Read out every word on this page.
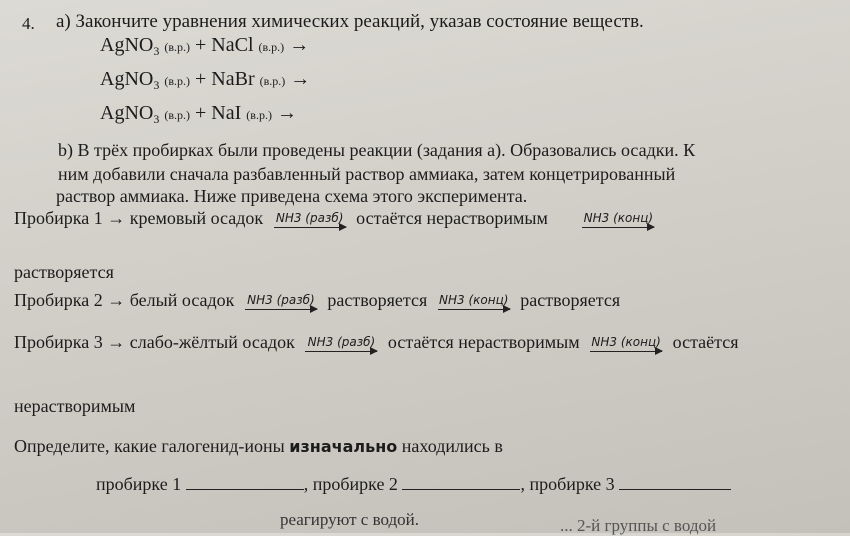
4. a) Закончите уравнения химических реакций, указав состояние веществ.
AgNO$_3$ (в.р.) + NaCl (в.р.) →
AgNO$_3$ (в.р.) + NaBr (в.р.) →
AgNO$_3$ (в.р.) + NaI (в.р.) →
b) В трёх пробирках были проведены реакции (задания а). Образовались осадки. К
ним добавили сначала разбавленный раствор аммиака, затем концетрированный
раствор аммиака. Ниже приведена схема этого эксперимента.
Пробирка 1 → кремовый осадок NH3 (разб) остаётся нерастворимым	NH3 (конц)
растворяется
Пробирка 2 → белый осадок NH3 (разб) растворяется NH3 (конц) растворяется
Пробирка 3 → слабо-жёлтый осадок NH3 (разб) остаётся нерастворимым NH3 (конц) остаётся
нерастворимым
Определите, какие галогенид-ионы изначально находились в
пробирке 1	, пробирке 2	, пробирке 3
реагируют с водой.	... 2-й группы с водой
